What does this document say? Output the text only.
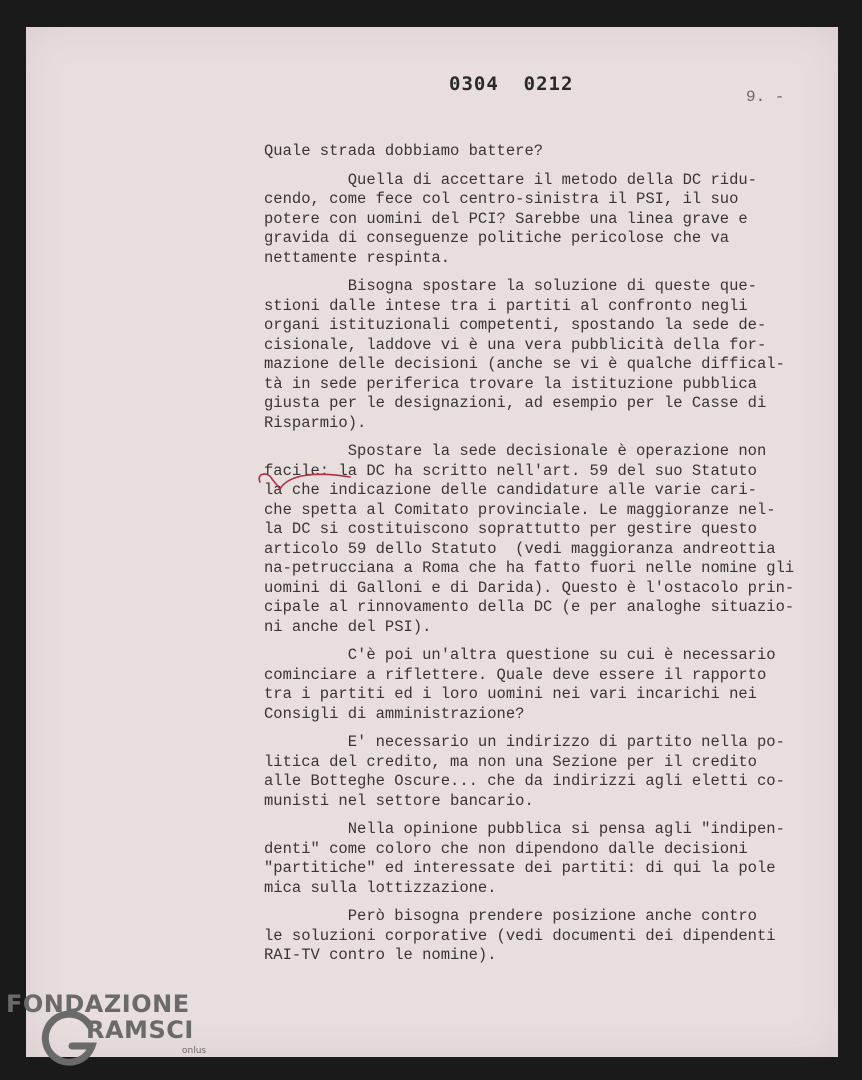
0304  0212
9. -
Quale strada dobbiamo battere?
Quella di accettare il metodo della DC ridu-
cendo, come fece col centro-sinistra il PSI, il suo
potere con uomini del PCI? Sarebbe una linea grave e
gravida di conseguenze politiche pericolose che va
nettamente respinta.
Bisogna spostare la soluzione di queste que-
stioni dalle intese tra i partiti al confronto negli
organi istituzionali competenti, spostando la sede de-
cisionale, laddove vi è una vera pubblicità della for-
mazione delle decisioni (anche se vi è qualche diffical-
tà in sede periferica trovare la istituzione pubblica
giusta per le designazioni, ad esempio per le Casse di
Risparmio).
Spostare la sede decisionale è operazione non
facile: la DC ha scritto nell'art. 59 del suo Statuto
la che indicazione delle candidature alle varie cari-
che spetta al Comitato provinciale. Le maggioranze nel-
la DC si costituiscono soprattutto per gestire questo
articolo 59 dello Statuto  (vedi maggioranza andreottia
na-petrucciana a Roma che ha fatto fuori nelle nomine gli
uomini di Galloni e di Darida). Questo è l'ostacolo prin-
cipale al rinnovamento della DC (e per analoghe situazio-
ni anche del PSI).
C'è poi un'altra questione su cui è necessario
cominciare a riflettere. Quale deve essere il rapporto
tra i partiti ed i loro uomini nei vari incarichi nei
Consigli di amministrazione?
E' necessario un indirizzo di partito nella po-
litica del credito, ma non una Sezione per il credito
alle Botteghe Oscure... che da indirizzi agli eletti co-
munisti nel settore bancario.
Nella opinione pubblica si pensa agli "indipen-
denti" come coloro che non dipendono dalle decisioni
"partitiche" ed interessate dei partiti: di qui la pole
mica sulla lottizzazione.
Però bisogna prendere posizione anche contro
le soluzioni corporative (vedi documenti dei dipendenti
RAI-TV contro le nomine).
FONDAZIONE
RAMSCI
onlus
